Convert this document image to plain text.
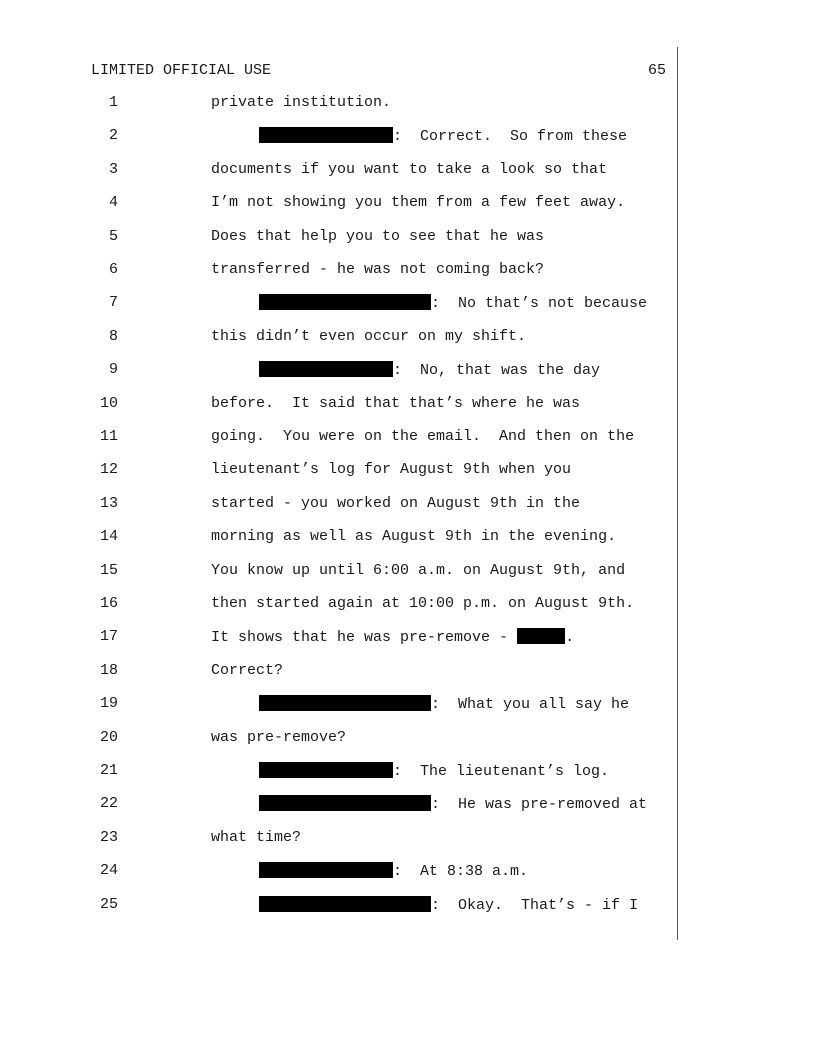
LIMITED OFFICIAL USE	65
1	private institution.
2	:  Correct.  So from these
3	documents if you want to take a look so that
4	I’m not showing you them from a few feet away.
5	Does that help you to see that he was
6	transferred - he was not coming back?
7	:  No that’s not because
8	this didn’t even occur on my shift.
9	:  No, that was the day
10	before.  It said that that’s where he was
11	going.  You were on the email.  And then on the
12	lieutenant’s log for August 9th when you
13	started - you worked on August 9th in the
14	morning as well as August 9th in the evening.
15	You know up until 6:00 a.m. on August 9th, and
16	then started again at 10:00 p.m. on August 9th.
17	It shows that he was pre-remove -	.
18	Correct?
19	:  What you all say he
20	was pre-remove?
21	:  The lieutenant’s log.
22	:  He was pre-removed at
23	what time?
24	:  At 8:38 a.m.
25	:  Okay.  That’s - if I
